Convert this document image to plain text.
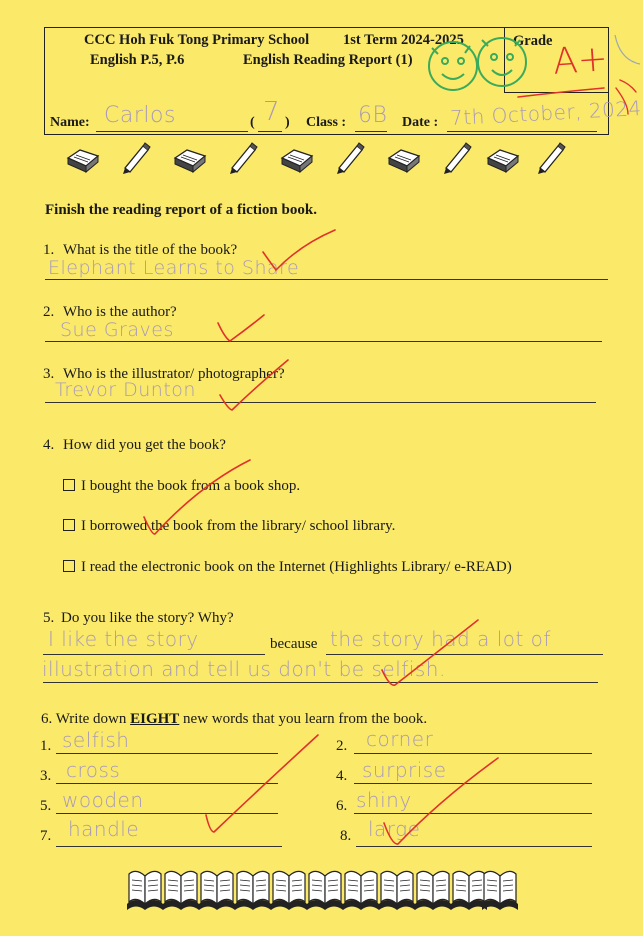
CCC Hoh Fuk Tong Primary School 1st Term 2024-2025
English P.5, P.6	English Reading Report (1)
Grade A+
Name: Carlos	( 7 ) Class : 6B Date : 7th October, 2024
Finish the reading report of a fiction book.
1. What is the title of the book?
Elephant Learns to Share
2. Who is the author?
Sue Graves
3. Who is the illustrator/ photographer?
Trevor Dunton
4. How did you get the book?
I bought the book from a book shop.
I borrowed the book from the library/ school library.
I read the electronic book on the Internet (Highlights Library/ e-READ)
5. Do you like the story? Why?
I like the story	because the story had a lot of
illustration and tell us don't be selfish.
6. Write down EIGHT new words that you learn from the book.
1. selfish	2. corner
3. cross	4. surprise
5. wooden	6. shiny
7. handle	8. large
